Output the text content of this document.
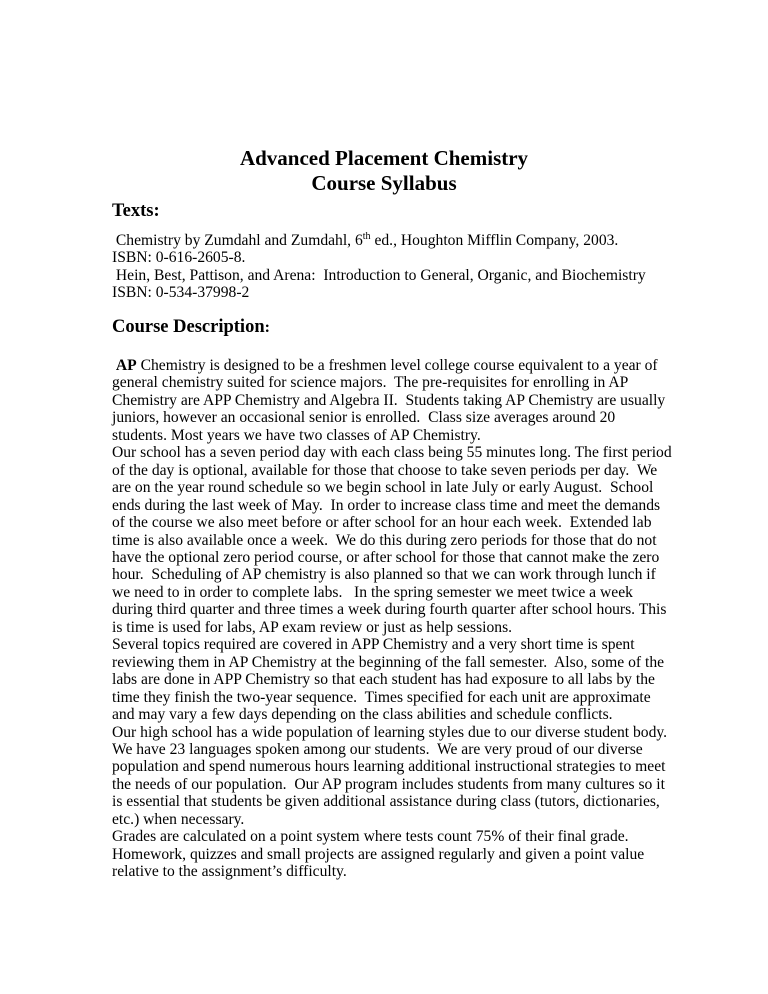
Advanced Placement Chemistry
Course Syllabus
Texts:
Chemistry by Zumdahl and Zumdahl, 6th ed., Houghton Mifflin Company, 2003.
ISBN: 0-616-2605-8.
Hein, Best, Pattison, and Arena:  Introduction to General, Organic, and Biochemistry
ISBN: 0-534-37998-2
Course Description:
AP Chemistry is designed to be a freshmen level college course equivalent to a year of
general chemistry suited for science majors.  The pre-requisites for enrolling in AP
Chemistry are APP Chemistry and Algebra II.  Students taking AP Chemistry are usually
juniors, however an occasional senior is enrolled.  Class size averages around 20
students. Most years we have two classes of AP Chemistry.
Our school has a seven period day with each class being 55 minutes long. The first period
of the day is optional, available for those that choose to take seven periods per day.  We
are on the year round schedule so we begin school in late July or early August.  School
ends during the last week of May.  In order to increase class time and meet the demands
of the course we also meet before or after school for an hour each week.  Extended lab
time is also available once a week.  We do this during zero periods for those that do not
have the optional zero period course, or after school for those that cannot make the zero
hour.  Scheduling of AP chemistry is also planned so that we can work through lunch if
we need to in order to complete labs.   In the spring semester we meet twice a week
during third quarter and three times a week during fourth quarter after school hours. This
is time is used for labs, AP exam review or just as help sessions.
Several topics required are covered in APP Chemistry and a very short time is spent
reviewing them in AP Chemistry at the beginning of the fall semester.  Also, some of the
labs are done in APP Chemistry so that each student has had exposure to all labs by the
time they finish the two-year sequence.  Times specified for each unit are approximate
and may vary a few days depending on the class abilities and schedule conflicts.
Our high school has a wide population of learning styles due to our diverse student body.
We have 23 languages spoken among our students.  We are very proud of our diverse
population and spend numerous hours learning additional instructional strategies to meet
the needs of our population.  Our AP program includes students from many cultures so it
is essential that students be given additional assistance during class (tutors, dictionaries,
etc.) when necessary.
Grades are calculated on a point system where tests count 75% of their final grade.
Homework, quizzes and small projects are assigned regularly and given a point value
relative to the assignment’s difficulty.
